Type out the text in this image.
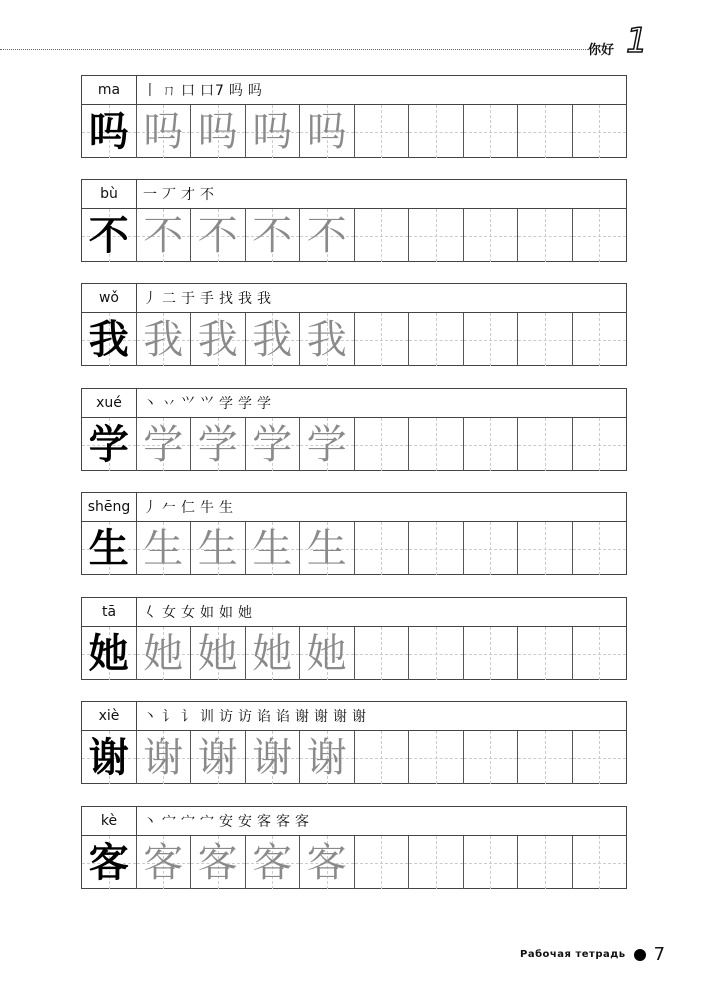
你好 1
ma	丨 ㄇ 口 口7 吗 吗
吗 吗 吗 吗 吗
bù	一 丆 才 不
不 不 不 不 不
wǒ	丿 二 于 手 找 我 我
我 我 我 我 我
xué	丶 丷 ⺍ 𭕄 学 学 学
学 学 学 学 学
shēng 丿 𠂉 仁 牛 生
生 生 生 生 生
tā	𡿨 女 女 如 如 她
她 她 她 她 她
xiè	丶 讠 讠 训 访 访 谄 谄 谢 谢 谢 谢
谢 谢 谢 谢 谢
kè	丶 宀 宀 宀 安 安 客 客 客
客 客 客 客 客
Рабочая тетрадь 7
